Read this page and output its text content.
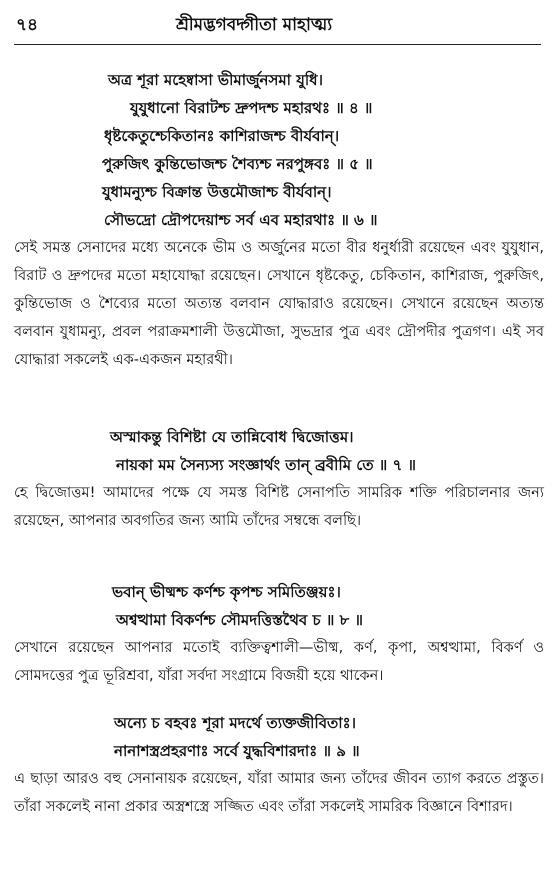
৭৪	শ্রীমদ্ভগবদ্গীতা মাহাত্ম্য
অত্র শূরা মহেষ্বাসা ভীমার্জুনসমা যুধি।
যুযুধানো বিরাটশ্চ দ্রুপদশ্চ মহারথঃ ॥ ৪ ॥
ধৃষ্টকেতুশ্চেকিতানঃ কাশিরাজশ্চ বীর্যবান্।
পুরুজিৎ কুন্তিভোজশ্চ শৈব্যশ্চ নরপুঙ্গবঃ ॥ ৫ ॥
যুধামন্যুশ্চ বিক্রান্ত উত্তমৌজাশ্চ বীর্যবান্।
সৌভদ্রো দ্রৌপদেয়াশ্চ সর্ব এব মহারথাঃ ॥ ৬ ॥
সেই সমস্ত সেনাদের মধ্যে অনেকে ভীম ও অর্জুনের মতো বীর ধনুর্ধারী রয়েছেন এবং যুযুধান, বিরাট ও দ্রুপদের মতো মহাযোদ্ধা রয়েছেন। সেখানে ধৃষ্টকেতু, চেকিতান, কাশিরাজ, পুরুজিৎ, কুন্তিভোজ ও শৈব্যের মতো অত্যন্ত বলবান যোদ্ধারাও রয়েছেন। সেখানে রয়েছেন অত্যন্ত বলবান যুধামন্যু, প্রবল পরাক্রমশালী উত্তমৌজা, সুভদ্রার পুত্র এবং দ্রৌপদীর পুত্রগণ। এই সব যোদ্ধারা সকলেই এক-একজন মহারথী।
অস্মাকন্তু বিশিষ্টা যে তান্নিবোধ দ্বিজোত্তম।
নায়কা মম সৈন্যস্য সংজ্ঞার্থং তান্ ব্রবীমি তে ॥ ৭ ॥
হে দ্বিজোত্তম! আমাদের পক্ষে যে সমস্ত বিশিষ্ট সেনাপতি সামরিক শক্তি পরিচালনার জন্য রয়েছেন, আপনার অবগতির জন্য আমি তাঁদের সম্বন্ধে বলছি।
ভবান্ ভীষ্মশ্চ কর্ণশ্চ কৃপশ্চ সমিতিঞ্জয়ঃ।
অশ্বত্থামা বিকর্ণশ্চ সৌমদত্তিস্তথৈব চ ॥ ৮ ॥
সেখানে রয়েছেন আপনার মতোই ব্যক্তিত্বশালী—ভীষ্ম, কর্ণ, কৃপা, অশ্বত্থামা, বিকর্ণ ও সোমদত্তের পুত্র ভূরিশ্রবা, যাঁরা সর্বদা সংগ্রামে বিজয়ী হয়ে থাকেন।
অন্যে চ বহবঃ শূরা মদর্থে ত্যক্তজীবিতাঃ।
নানাশস্ত্রপ্রহরণাঃ সর্বে যুদ্ধবিশারদাঃ ॥ ৯ ॥
এ ছাড়া আরও বহু সেনানায়ক রয়েছেন, যাঁরা আমার জন্য তাঁদের জীবন ত্যাগ করতে প্রস্তুত। তাঁরা সকলেই নানা প্রকার অস্ত্রশস্ত্রে সজ্জিত এবং তাঁরা সকলেই সামরিক বিজ্ঞানে বিশারদ।
